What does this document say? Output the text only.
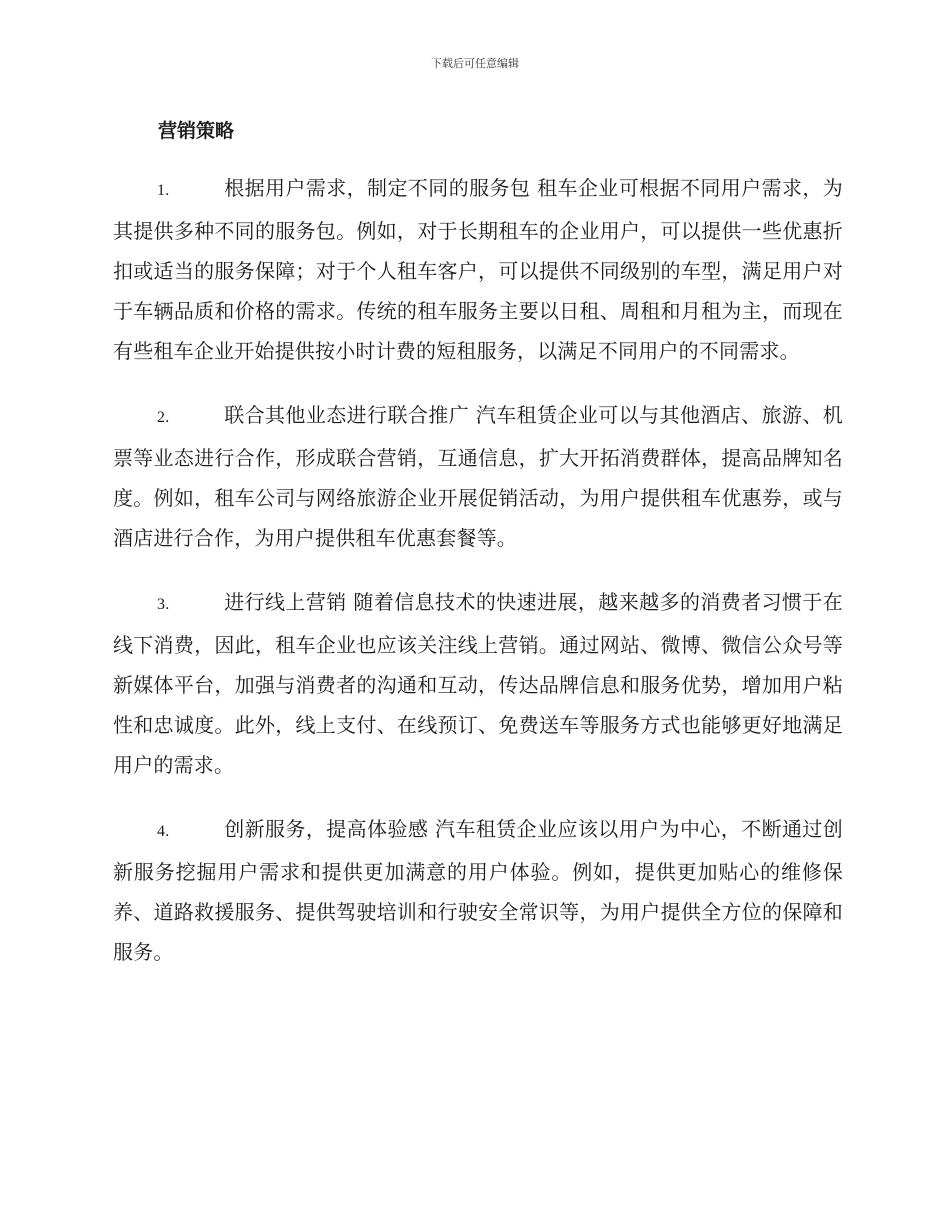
下载后可任意编辑
营销策略

1.	根据用户需求，制定不同的服务包 租车企业可根据不同用户需求，为其提供多种不同的服务包。例如，对于长期租车的企业用户，可以提供一些优惠折扣或适当的服务保障；对于个人租车客户，可以提供不同级别的车型，满足用户对于车辆品质和价格的需求。传统的租车服务主要以日租、周租和月租为主，而现在有些租车企业开始提供按小时计费的短租服务，以满足不同用户的不同需求。

2.	联合其他业态进行联合推广 汽车租赁企业可以与其他酒店、旅游、机票等业态进行合作，形成联合营销，互通信息，扩大开拓消费群体，提高品牌知名度。例如，租车公司与网络旅游企业开展促销活动，为用户提供租车优惠券，或与酒店进行合作，为用户提供租车优惠套餐等。

3.	进行线上营销 随着信息技术的快速进展，越来越多的消费者习惯于在线下消费，因此，租车企业也应该关注线上营销。通过网站、微博、微信公众号等新媒体平台，加强与消费者的沟通和互动，传达品牌信息和服务优势，增加用户粘性和忠诚度。此外，线上支付、在线预订、免费送车等服务方式也能够更好地满足用户的需求。

4.	创新服务，提高体验感 汽车租赁企业应该以用户为中心，不断通过创新服务挖掘用户需求和提供更加满意的用户体验。例如，提供更加贴心的维修保养、道路救援服务、提供驾驶培训和行驶安全常识等，为用户提供全方位的保障和服务。
